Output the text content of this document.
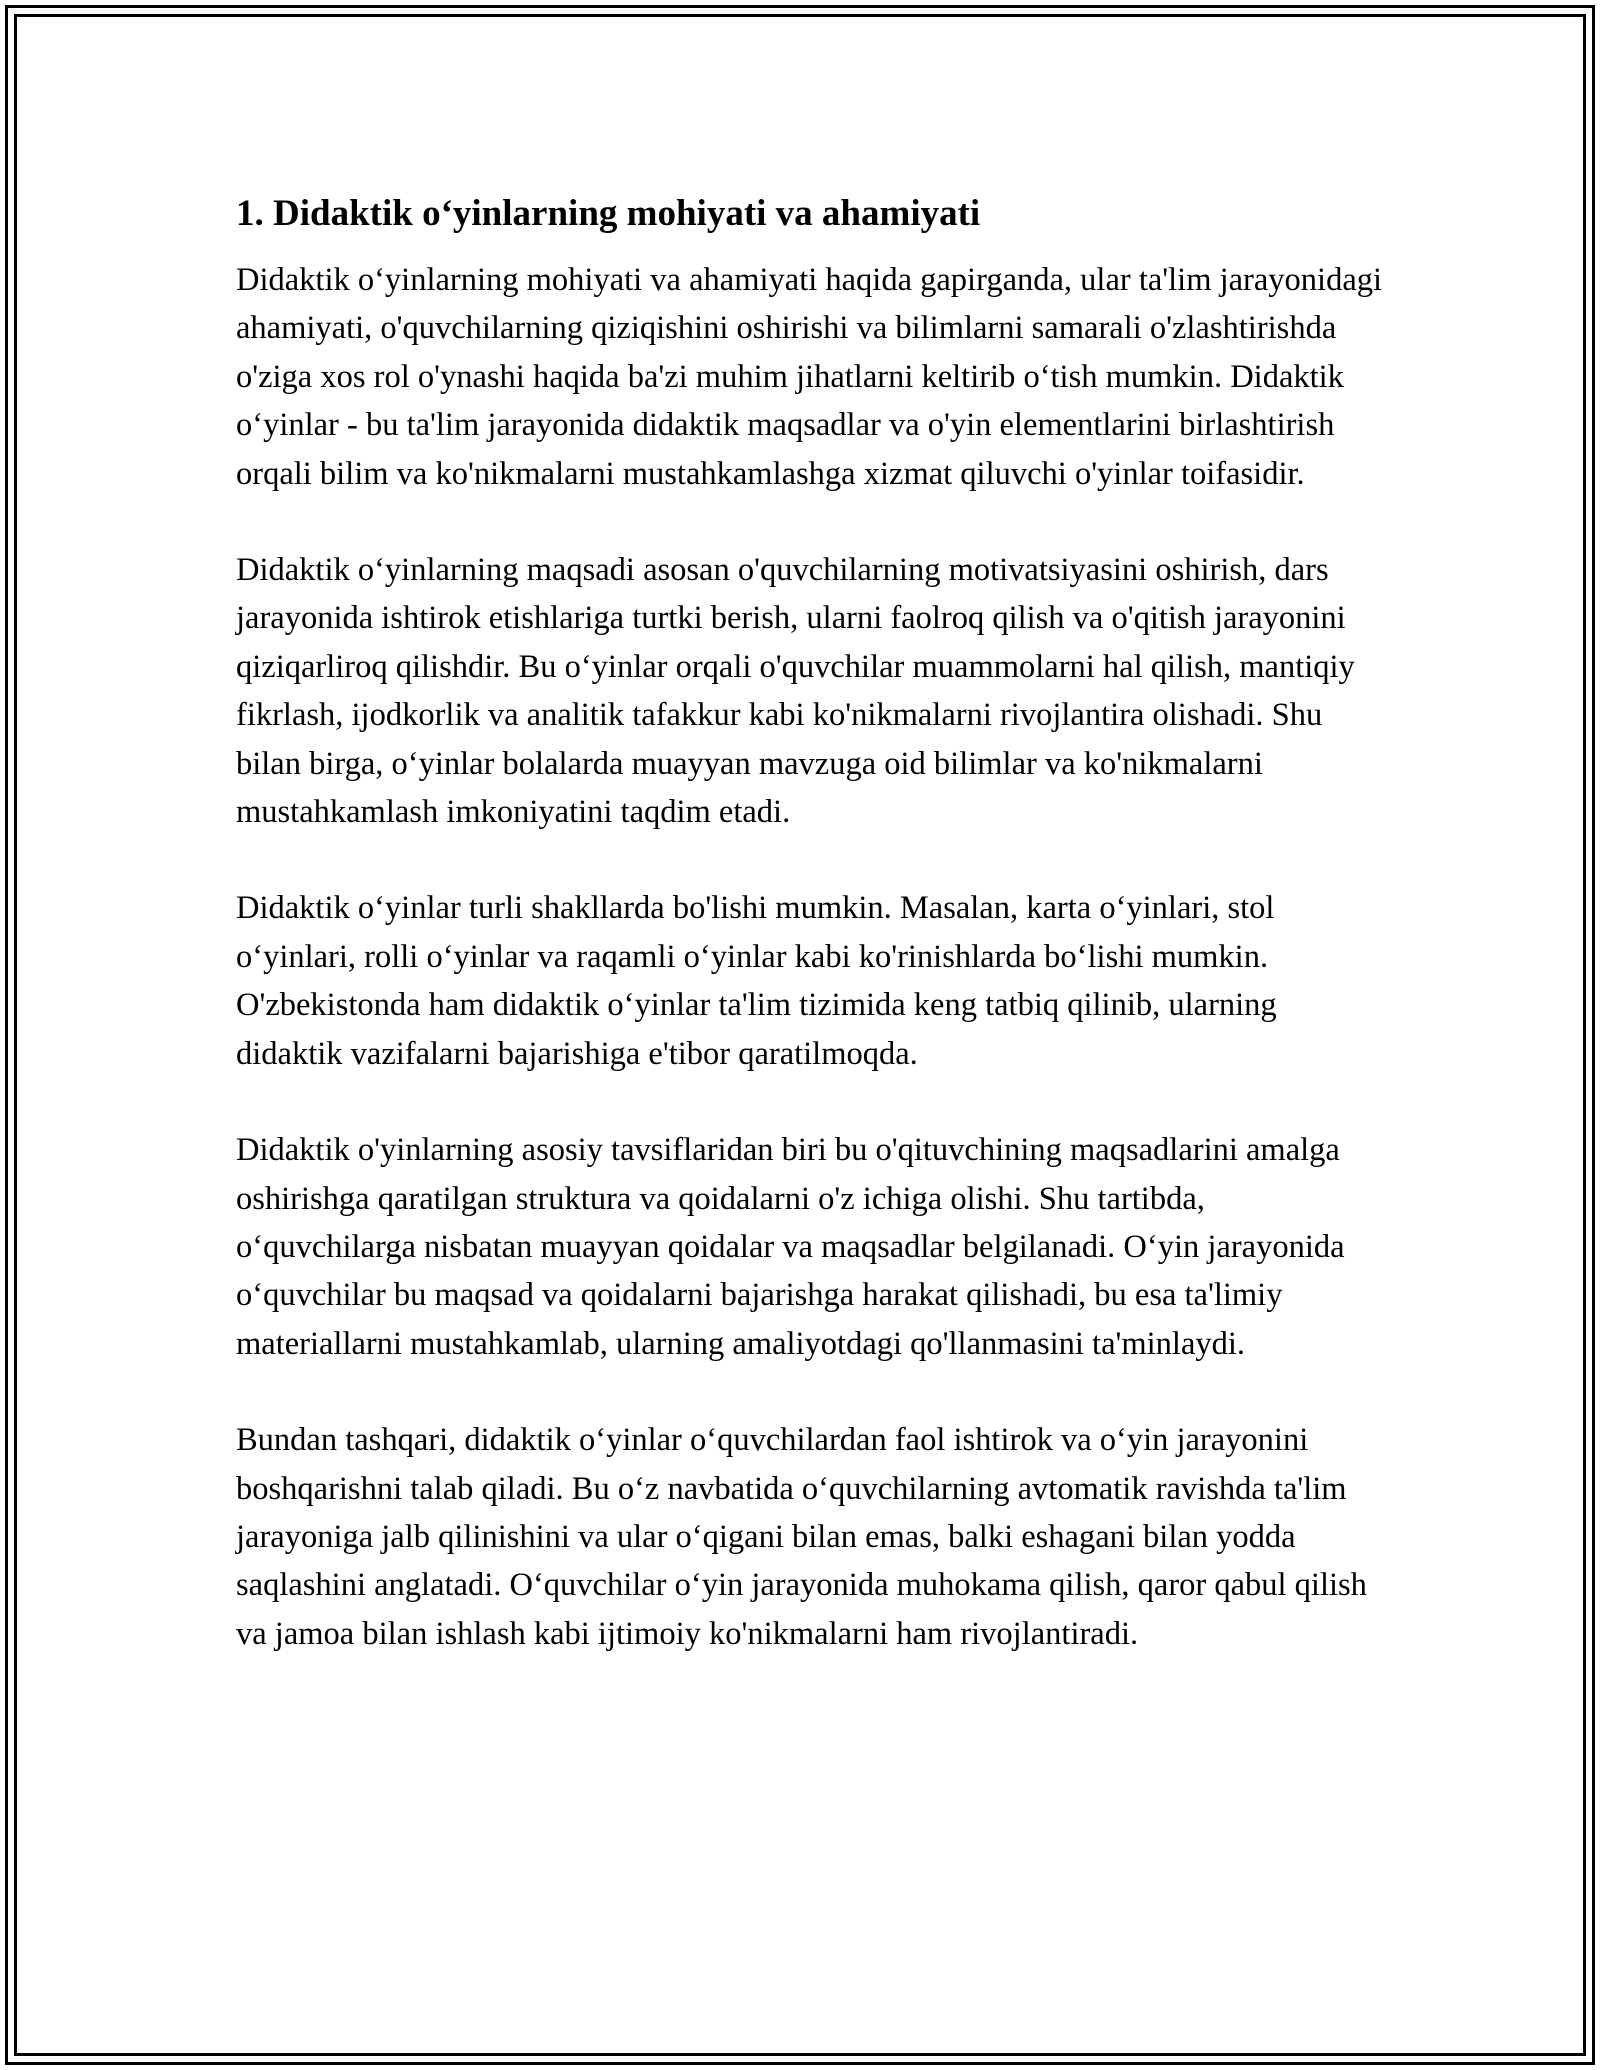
1. Didaktik o‘yinlarning mohiyati va ahamiyati

Didaktik o‘yinlarning mohiyati va ahamiyati haqida gapirganda, ular ta'lim jarayonidagi ahamiyati, o'quvchilarning qiziqishini oshirishi va bilimlarni samarali o'zlashtirishda o'ziga xos rol o'ynashi haqida ba'zi muhim jihatlarni keltirib o‘tish mumkin. Didaktik o‘yinlar - bu ta'lim jarayonida didaktik maqsadlar va o'yin elementlarini birlashtirish orqali bilim va ko'nikmalarni mustahkamlashga xizmat qiluvchi o'yinlar toifasidir.

Didaktik o‘yinlarning maqsadi asosan o'quvchilarning motivatsiyasini oshirish, dars jarayonida ishtirok etishlariga turtki berish, ularni faolroq qilish va o'qitish jarayonini qiziqarliroq qilishdir. Bu o‘yinlar orqali o'quvchilar muammolarni hal qilish, mantiqiy fikrlash, ijodkorlik va analitik tafakkur kabi ko'nikmalarni rivojlantira olishadi. Shu bilan birga, o‘yinlar bolalarda muayyan mavzuga oid bilimlar va ko'nikmalarni mustahkamlash imkoniyatini taqdim etadi.

Didaktik o‘yinlar turli shakllarda bo'lishi mumkin. Masalan, karta o‘yinlari, stol o‘yinlari, rolli o‘yinlar va raqamli o‘yinlar kabi ko'rinishlarda bo‘lishi mumkin. O'zbekistonda ham didaktik o‘yinlar ta'lim tizimida keng tatbiq qilinib, ularning didaktik vazifalarni bajarishiga e'tibor qaratilmoqda.

Didaktik o'yinlarning asosiy tavsiflaridan biri bu o'qituvchining maqsadlarini amalga oshirishga qaratilgan struktura va qoidalarni o'z ichiga olishi. Shu tartibda, o‘quvchilarga nisbatan muayyan qoidalar va maqsadlar belgilanadi. O‘yin jarayonida o‘quvchilar bu maqsad va qoidalarni bajarishga harakat qilishadi, bu esa ta'limiy materiallarni mustahkamlab, ularning amaliyotdagi qo'llanmasini ta'minlaydi.

Bundan tashqari, didaktik o‘yinlar o‘quvchilardan faol ishtirok va o‘yin jarayonini boshqarishni talab qiladi. Bu o‘z navbatida o‘quvchilarning avtomatik ravishda ta'lim jarayoniga jalb qilinishini va ular o‘qigani bilan emas, balki eshagani bilan yodda saqlashini anglatadi. O‘quvchilar o‘yin jarayonida muhokama qilish, qaror qabul qilish va jamoa bilan ishlash kabi ijtimoiy ko'nikmalarni ham rivojlantiradi.
